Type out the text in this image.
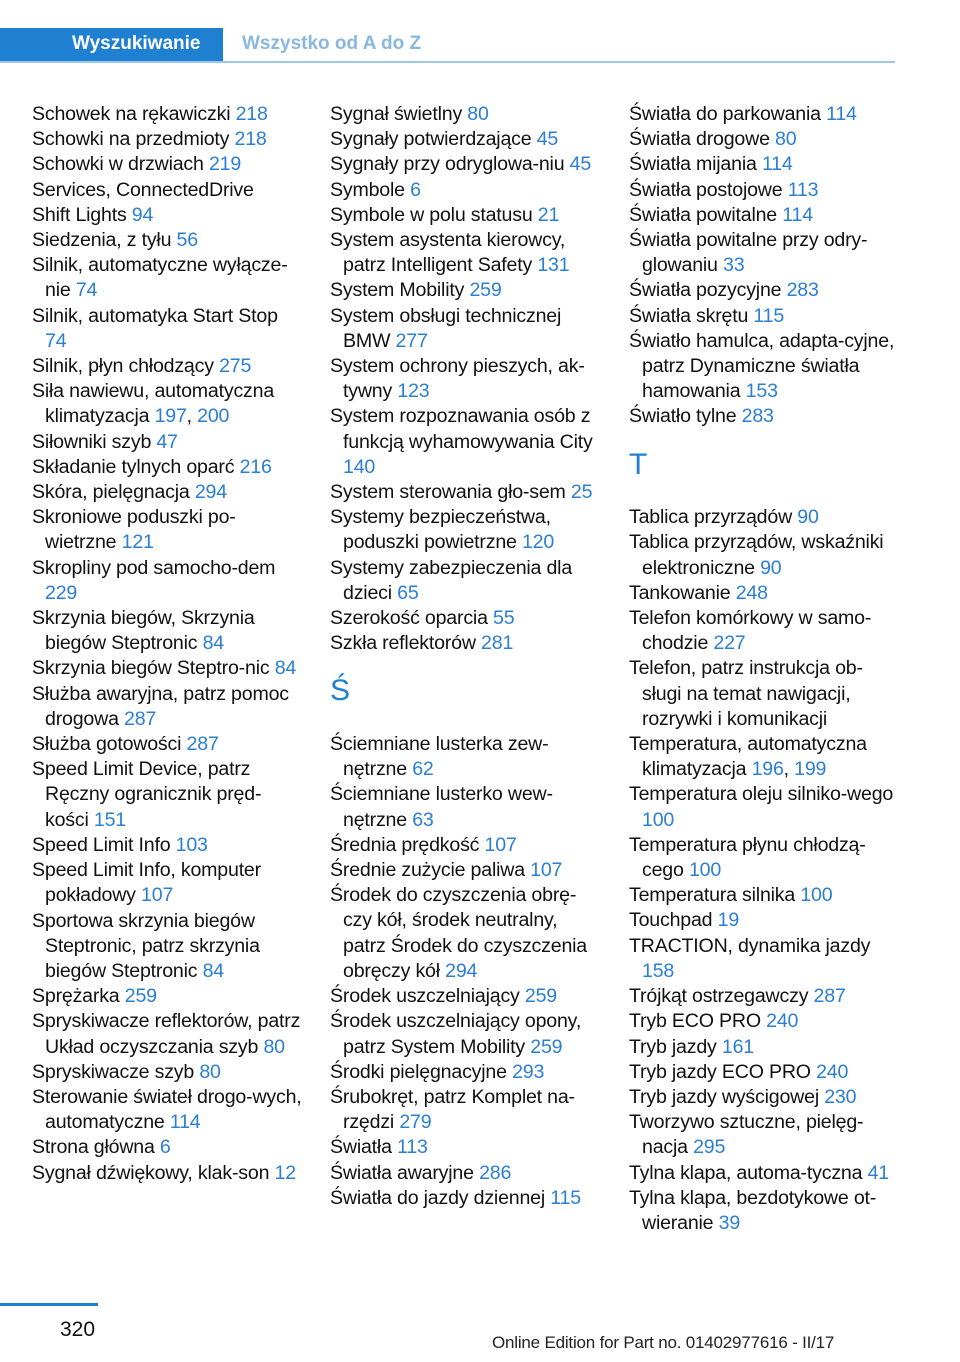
Wyszukiwanie	Wszystko od A do Z
Schowek na rękawiczki 218
Schowki na przedmioty 218
Schowki w drzwiach 219
Services, ConnectedDrive
Shift Lights 94
Siedzenia, z tyłu 56
Silnik, automatyczne wyłącze‐nie 74
Silnik, automatyka Start Stop 74
Silnik, płyn chłodzący 275
Siła nawiewu, automatyczna klimatyzacja 197, 200
Siłowniki szyb 47
Składanie tylnych oparć 216
Skóra, pielęgnacja 294
Skroniowe poduszki po‐wietrzne 121
Skropliny pod samocho‐dem 229
Skrzynia biegów, Skrzynia biegów Steptronic 84
Skrzynia biegów Steptro‐nic 84
Służba awaryjna, patrz pomoc drogowa 287
Służba gotowości 287
Speed Limit Device, patrz Ręczny ogranicznik pręd‐kości 151
Speed Limit Info 103
Speed Limit Info, komputer pokładowy 107
Sportowa skrzynia biegów Steptronic, patrz skrzynia biegów Steptronic 84
Sprężarka 259
Spryskiwacze reflektorów, patrz Układ oczyszczania szyb 80
Spryskiwacze szyb 80
Sterowanie świateł drogo‐wych, automatyczne 114
Strona główna 6
Sygnał dźwiękowy, klak‐son 12
Sygnał świetlny 80
Sygnały potwierdzające 45
Sygnały przy odryglowa‐niu 45
Symbole 6
Symbole w polu statusu 21
System asystenta kierowcy, patrz Intelligent Safety 131
System Mobility 259
System obsługi technicznej BMW 277
System ochrony pieszych, ak‐tywny 123
System rozpoznawania osób z funkcją wyhamowywania City 140
System sterowania gło‐sem 25
Systemy bezpieczeństwa, poduszki powietrzne 120
Systemy zabezpieczenia dla dzieci 65
Szerokość oparcia 55
Szkła reflektorów 281
Ś
Ściemniane lusterka zew‐nętrzne 62
Ściemniane lusterko wew‐nętrzne 63
Średnia prędkość 107
Średnie zużycie paliwa 107
Środek do czyszczenia obrę‐czy kół, środek neutralny, patrz Środek do czyszczenia obręczy kół 294
Środek uszczelniający 259
Środek uszczelniający opony, patrz System Mobility 259
Środki pielęgnacyjne 293
Śrubokręt, patrz Komplet na‐rzędzi 279
Światła 113
Światła awaryjne 286
Światła do jazdy dziennej 115
Światła do parkowania 114
Światła drogowe 80
Światła mijania 114
Światła postojowe 113
Światła powitalne 114
Światła powitalne przy odry‐glowaniu 33
Światła pozycyjne 283
Światła skrętu 115
Światło hamulca, adapta‐cyjne, patrz Dynamiczne światła hamowania 153
Światło tylne 283
T
Tablica przyrządów 90
Tablica przyrządów, wskaźniki elektroniczne 90
Tankowanie 248
Telefon komórkowy w samo‐chodzie 227
Telefon, patrz instrukcja ob‐sługi na temat nawigacji, rozrywki i komunikacji
Temperatura, automatyczna klimatyzacja 196, 199
Temperatura oleju silniko‐wego 100
Temperatura płynu chłodzą‐cego 100
Temperatura silnika 100
Touchpad 19
TRACTION, dynamika jazdy 158
Trójkąt ostrzegawczy 287
Tryb ECO PRO 240
Tryb jazdy 161
Tryb jazdy ECO PRO 240
Tryb jazdy wyścigowej 230
Tworzywo sztuczne, pielęg‐nacja 295
Tylna klapa, automa‐tyczna 41
Tylna klapa, bezdotykowe ot‐wieranie 39
320
Online Edition for Part no. 01402977616 - II/17
